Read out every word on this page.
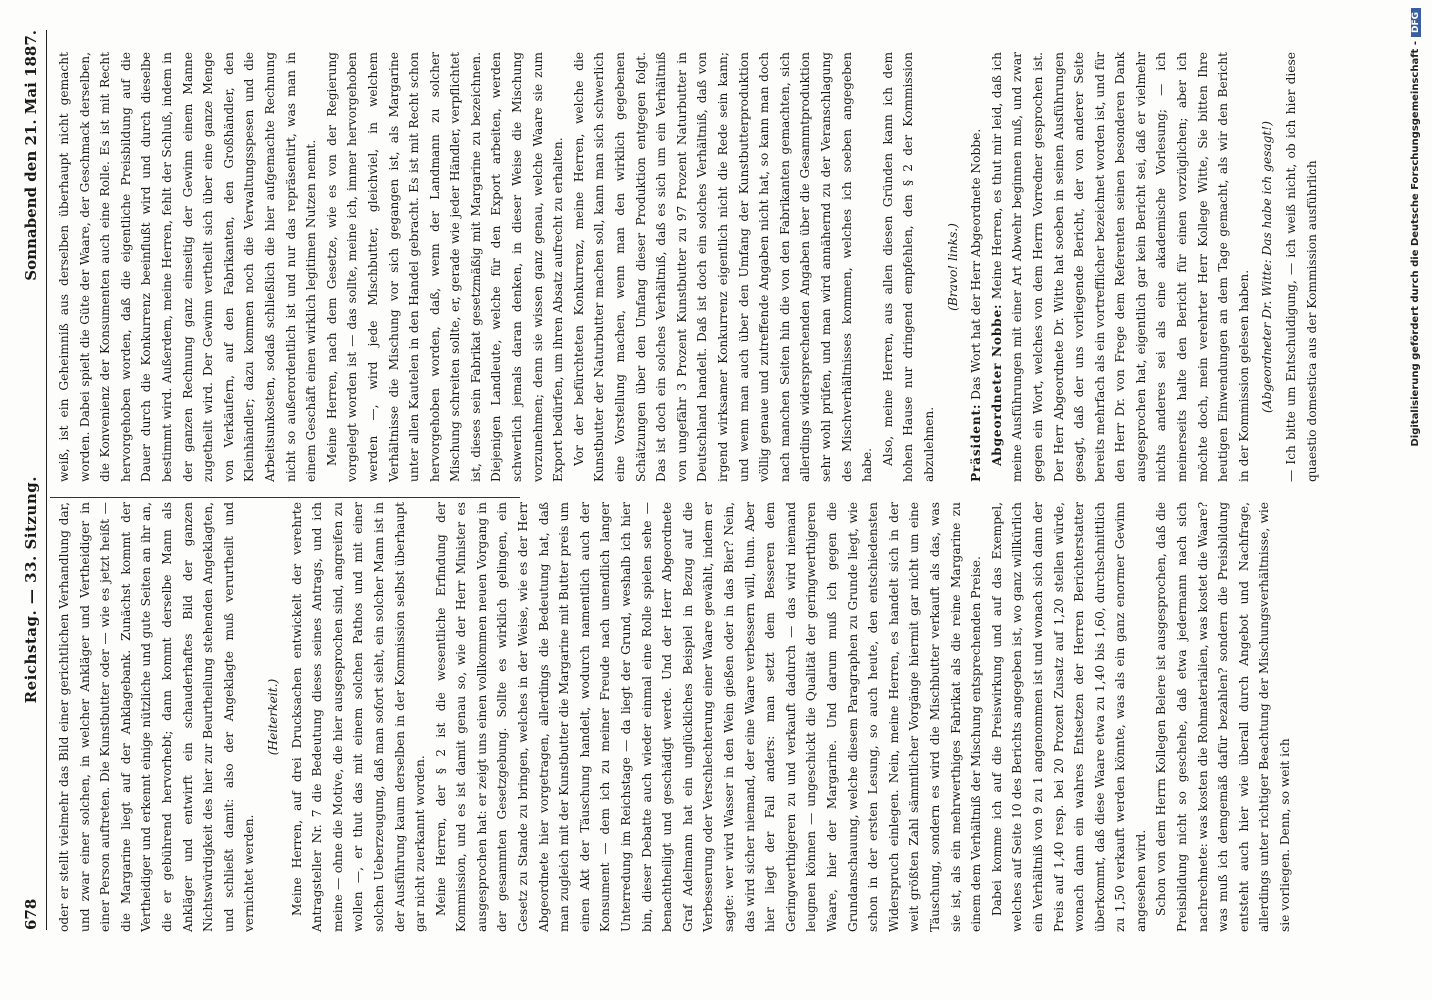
678
Reichstag. — 33. Sitzung.
Sonnabend den 21. Mai 1887.

oder er stellt vielmehr das Bild einer gerichtlichen Verhandlung dar, und zwar einer solchen, in welcher Ankläger und Vertheidiger in einer Person auftreten. Die Kunstbutter oder — wie es jetzt heißt — die Margarine liegt auf der Anklagebank. Zunächst kommt der Vertheidiger und erkennt einige nützliche und gute Seiten an ihr an, die er gebührend hervorhebt; dann kommt derselbe Mann als Ankläger und entwirft ein schauderhaftes Bild der ganzen Nichtswürdigkeit des hier zur Beurtheilung stehenden Angeklagten, und schließt damit: also der Angeklagte muß verurtheilt und vernichtet werden.

(Heiterkeit.) Meine Herren, auf drei Drucksachen entwickelt der verehrte Antragsteller Nr. 7 die Bedeutung dieses seines Antrags, und ich meine — ohne die Motive, die hier ausgesprochen sind, angreifen zu wollen —, er thut das mit einem solchen Pathos und mit einer solchen Ueberzeugung, daß man sofort sieht, ein solcher Mann ist in der Ausführung kaum derselben in der Kommission selbst überhaupt gar nicht zuerkannt worden. Meine Herren, der § 2 ist die wesentliche Erfindung der Kommission, und es ist damit genau so, wie der Herr Minister es ausgesprochen hat: er zeigt uns einen vollkommen neuen Vorgang in der gesammten Gesetzgebung. Sollte es wirklich gelingen, ein Gesetz zu Stande zu bringen, welches in der Weise, wie es der Herr Abgeordnete hier vorgetragen, allerdings die Bedeutung hat, daß man zugleich mit der Kunstbutter die Margarine mit Butter preis um einen Akt der Täuschung handelt, wodurch namentlich auch der Konsument — dem ich zu meiner Freude nach unendlich langer Unterredung im Reichstage — da liegt der Grund, weshalb ich hier bin, dieser Debatte auch wieder einmal eine Rolle spielen sehe — benachtheiligt und geschädigt werde. Und der Herr Abgeordnete Graf Adelmann hat ein unglückliches Beispiel in Bezug auf die Verbesserung oder Verschlechterung einer Waare gewählt, indem er sagte: wer wird Wasser in den Wein gießen oder in das Bier? Nein, das wird sicher niemand, der eine Waare verbessern will, thun. Aber hier liegt der Fall anders: man setzt dem Besseren dem Geringwerthigeren zu und verkauft dadurch — das wird niemand leugnen können — ungeschickt die Qualität der geringwerthigeren Waare, hier der Margarine. Und darum muß ich gegen die Grundanschauung, welche diesem Paragraphen zu Grunde liegt, wie schon in der ersten Lesung, so auch heute, den entschiedensten Widerspruch einlegen. Nein, meine Herren, es handelt sich in der weit größten Zahl sämmtlicher Vorgänge hiermit gar nicht um eine Täuschung, sondern es wird die Mischbutter verkauft als das, was sie ist, als ein mehrwerthiges Fabrikat als die reine Margarine zu einem dem Verhältniß der Mischung entsprechenden Preise. Dabei komme ich auf die Preiswirkung und auf das Exempel, welches auf Seite 10 des Berichts angegeben ist, wo ganz willkürlich ein Verhältniß von 9 zu 1 angenommen ist und wonach sich dann der Preis auf 1,40 resp. bei 20 Prozent Zusatz auf 1,20 stellen würde, wonach dann ein wahres Entsetzen der Herren Berichterstatter überkommt, daß diese Waare etwa zu 1,40 bis 1,60, durchschnittlich zu 1,50 verkauft werden könnte, was als ein ganz enormer Gewinn angesehen wird. Schon von dem Herrn Kollegen Belere ist ausgesprochen, daß die Preisbildung nicht so geschehe, daß etwa jedermann nach sich nachrechnete: was kosten die Rohmaterialien, was kostet die Waare? was muß ich demgemäß dafür bezahlen? sondern die Preisbildung entsteht auch hier wie überall durch Angebot und Nachfrage, allerdings unter richtiger Beachtung der Mischungsverhältnisse, wie sie vorliegen. Denn, so weit ich

weiß, ist ein Geheimniß aus derselben überhaupt nicht gemacht worden. Dabei spielt die Güte der Waare, der Geschmack derselben, die Konvenienz der Konsumenten auch eine Rolle. Es ist mit Recht hervorgehoben worden, daß die eigentliche Preisbildung auf die Dauer durch die Konkurrenz beeinflußt wird und durch dieselbe bestimmt wird. Außerdem, meine Herren, fehlt der Schluß, indem in der ganzen Rechnung ganz einseitig der Gewinn einem Manne zugetheilt wird. Der Gewinn vertheilt sich über eine ganze Menge von Verkäufern, auf den Fabrikanten, den Großhändler, den Kleinhändler; dazu kommen noch die Verwaltungsspesen und die Arbeitsunkosten, sodaß schließlich die hier aufgemachte Rechnung nicht so außerordentlich ist und nur das repräsentirt, was man in einem Geschäft einen wirklich legitimen Nutzen nennt. Meine Herren, nach dem Gesetze, wie es von der Regierung vorgelegt worden ist — das sollte, meine ich, immer hervorgehoben werden —, wird jede Mischbutter, gleichviel, in welchem Verhältnisse die Mischung vor sich gegangen ist, als Margarine unter allen Kautelen in den Handel gebracht. Es ist mit Recht schon hervorgehoben worden, daß, wenn der Landmann zu solcher Mischung schreiten sollte, er, gerade wie jeder Händler, verpflichtet ist, dieses sein Fabrikat gesetzmäßig mit Margarine zu bezeichnen. Diejenigen Landleute, welche für den Export arbeiten, werden schwerlich jemals daran denken, in dieser Weise die Mischung vorzunehmen; denn sie wissen ganz genau, welche Waare sie zum Export bedürfen, um ihren Absatz aufrecht zu erhalten. Vor der befürchteten Konkurrenz, meine Herren, welche die Kunstbutter der Naturbutter machen soll, kann man sich schwerlich eine Vorstellung machen, wenn man den wirklich gegebenen Schätzungen über den Umfang dieser Produktion entgegen folgt. Das ist doch ein solches Verhältniß, daß es sich um ein Verhältniß von ungefähr 3 Prozent Kunstbutter zu 97 Prozent Naturbutter in Deutschland handelt. Daß ist doch ein solches Verhältniß, daß von irgend wirksamer Konkurrenz eigentlich nicht die Rede sein kann; und wenn man auch über den Umfang der Kunstbutterproduktion völlig genaue und zutreffende Angaben nicht hat, so kann man doch nach manchen Seiten hin die von den Fabrikanten gemachten, sich allerdings widersprechenden Angaben über die Gesammtproduktion sehr wohl prüfen, und man wird annähernd zu der Veranschlagung des Mischverhältnisses kommen, welches ich soeben angegeben habe. Also, meine Herren, aus allen diesen Gründen kann ich dem hohen Hause nur dringend empfehlen, den § 2 der Kommission abzulehnen.

(Bravo! links.)

Präsident: Das Wort hat der Herr Abgeordnete Nobbe. Abgeordneter Nobbe: Meine Herren, es thut mir leid, daß ich meine Ausführungen mit einer Art Abwehr beginnen muß, und zwar gegen ein Wort, welches von dem Herrn Vorredner gesprochen ist. Der Herr Abgeordnete Dr. Witte hat soeben in seinen Ausführungen gesagt, daß der uns vorliegende Bericht, der von anderer Seite bereits mehrfach als ein vortrefflicher bezeichnet worden ist, und für den Herr Dr. von Frege dem Referenten seinen besonderen Dank ausgesprochen hat, eigentlich gar kein Bericht sei, daß er vielmehr nichts anderes sei als eine akademische Vorlesung; — ich meinerseits halte den Bericht für einen vorzüglichen; aber ich möchte doch, mein verehrter Herr Kollege Witte, Sie bitten Ihre heutigen Einwendungen an dem Tage gemacht, als wir den Bericht in der Kommission gelesen haben. (Abgeordneter Dr. Witte: Das habe ich gesagt!) — Ich bitte um Entschuldigung, — ich weiß nicht, ob ich hier diese quaestio domestica aus der Kommission ausführlich	Digitalisierung gefördert durch die Deutsche Forschungsgemeinschaft -DFG
